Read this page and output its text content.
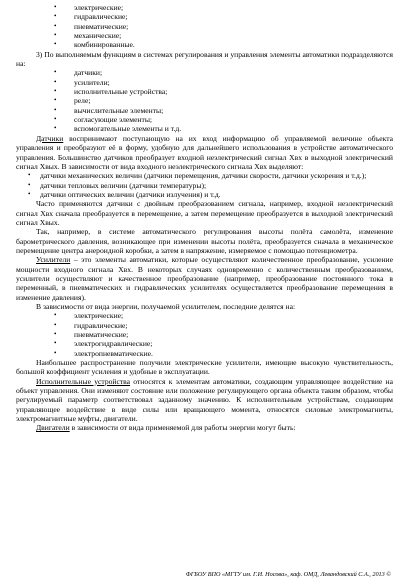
• электрические;
• гидравлические;
• пневматические;
• механические;
• комбинированные.

3) По выполняемым функциям в системах регулирования и управления элементы автоматики подразделяются на:

• датчики;
• усилители;
• исполнительные устройства;
• реле;
• вычислительные элементы;
• согласующие элементы;
• вспомогательные элементы и т.д.

Датчики воспринимают поступающую на их вход информацию об управляемой величине объекта управления и преобразуют её в форму, удобную для дальнейшего использования в устройстве автоматического управления. Большинство датчиков преобразует входной неэлектрический сигнал Хвх в выходной электрический сигнал Хвых. В зависимости от вида входного неэлектрического сигнала Хвх выделяют:

• датчики механических величин (датчики перемещения, датчики скорости, датчики ускорения и т.д.);
• датчики тепловых величин (датчики температуры);
• датчики оптических величин (датчики излучения) и т.д.

Часто применяются датчики с двойным преобразованием сигнала, например, входной неэлектрический сигнал Хвх сначала преобразуется в перемещение, а затем перемещение преобразуется в выходной электрический сигнал Хвых.

Так, например, в системе автоматического регулирования высоты полёта самолёта, изменение барометрического давления, возникающее при изменении высоты полёта, преобразуется сначала в механическое перемещение центра анероидной коробки, а затем в напряжение, измеряемое с помощью потенциометра.

Усилители – это элементы автоматики, которые осуществляют количественное преобразование, усиление мощности входного сигнала Хвх. В некоторых случаях одновременно с количественным преобразованием, усилители осуществляют и качественное преобразование (например, преобразование постоянного тока в переменный, в пневматических и гидравлических усилителях осуществляется преобразование перемещения в изменение давления).

В зависимости от вида энергии, получаемой усилителем, последние делятся на:

• электрические;
• гидравлические;
• пневматические;
• электрогидравлические;
• электропневматические.

Наибольшее распространение получили электрические усилители, имеющие высокую чувствительность, большой коэффициент усиления и удобные в эксплуатации.

Исполнительные устройства относятся к элементам автоматики, создающим управляющее воздействие на объект управления. Они изменяют состояние или положение регулирующего органа объекта таким образом, чтобы регулируемый параметр соответствовал заданному значению. К исполнительным устройствам, создающим управляющее воздействие в виде силы или вращающего момента, относятся силовые электромагниты, электромагнитные муфты, двигатели.

Двигатели в зависимости от вида применяемой для работы энергии могут быть:

ФГБОУ ВПО «МГТУ им. Г.И. Носова», каф. ОМД, Левандовский С.А., 2013 ©
